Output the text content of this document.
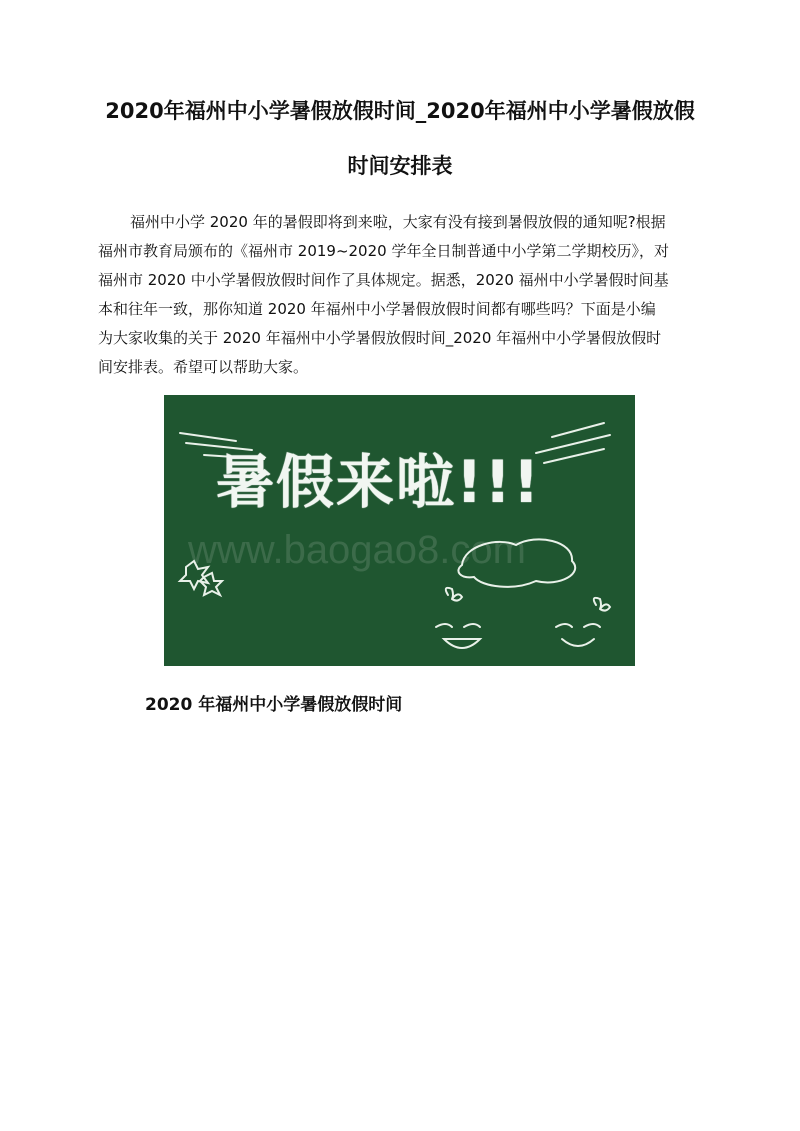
2020年福州中小学暑假放假时间_2020年福州中小学暑假放假
时间安排表
福州中小学 2020 年的暑假即将到来啦，大家有没有接到暑假放假的通知呢?根据
福州市教育局颁布的《福州市 2019~2020 学年全日制普通中小学第二学期校历》，对
福州市 2020 中小学暑假放假时间作了具体规定。据悉，2020 福州中小学暑假时间基
本和往年一致，那你知道 2020 年福州中小学暑假放假时间都有哪些吗？下面是小编
为大家收集的关于 2020 年福州中小学暑假放假时间_2020 年福州中小学暑假放假时
间安排表。希望可以帮助大家。
www.baogao8.com
暑假来啦!!!
2020 年福州中小学暑假放假时间
